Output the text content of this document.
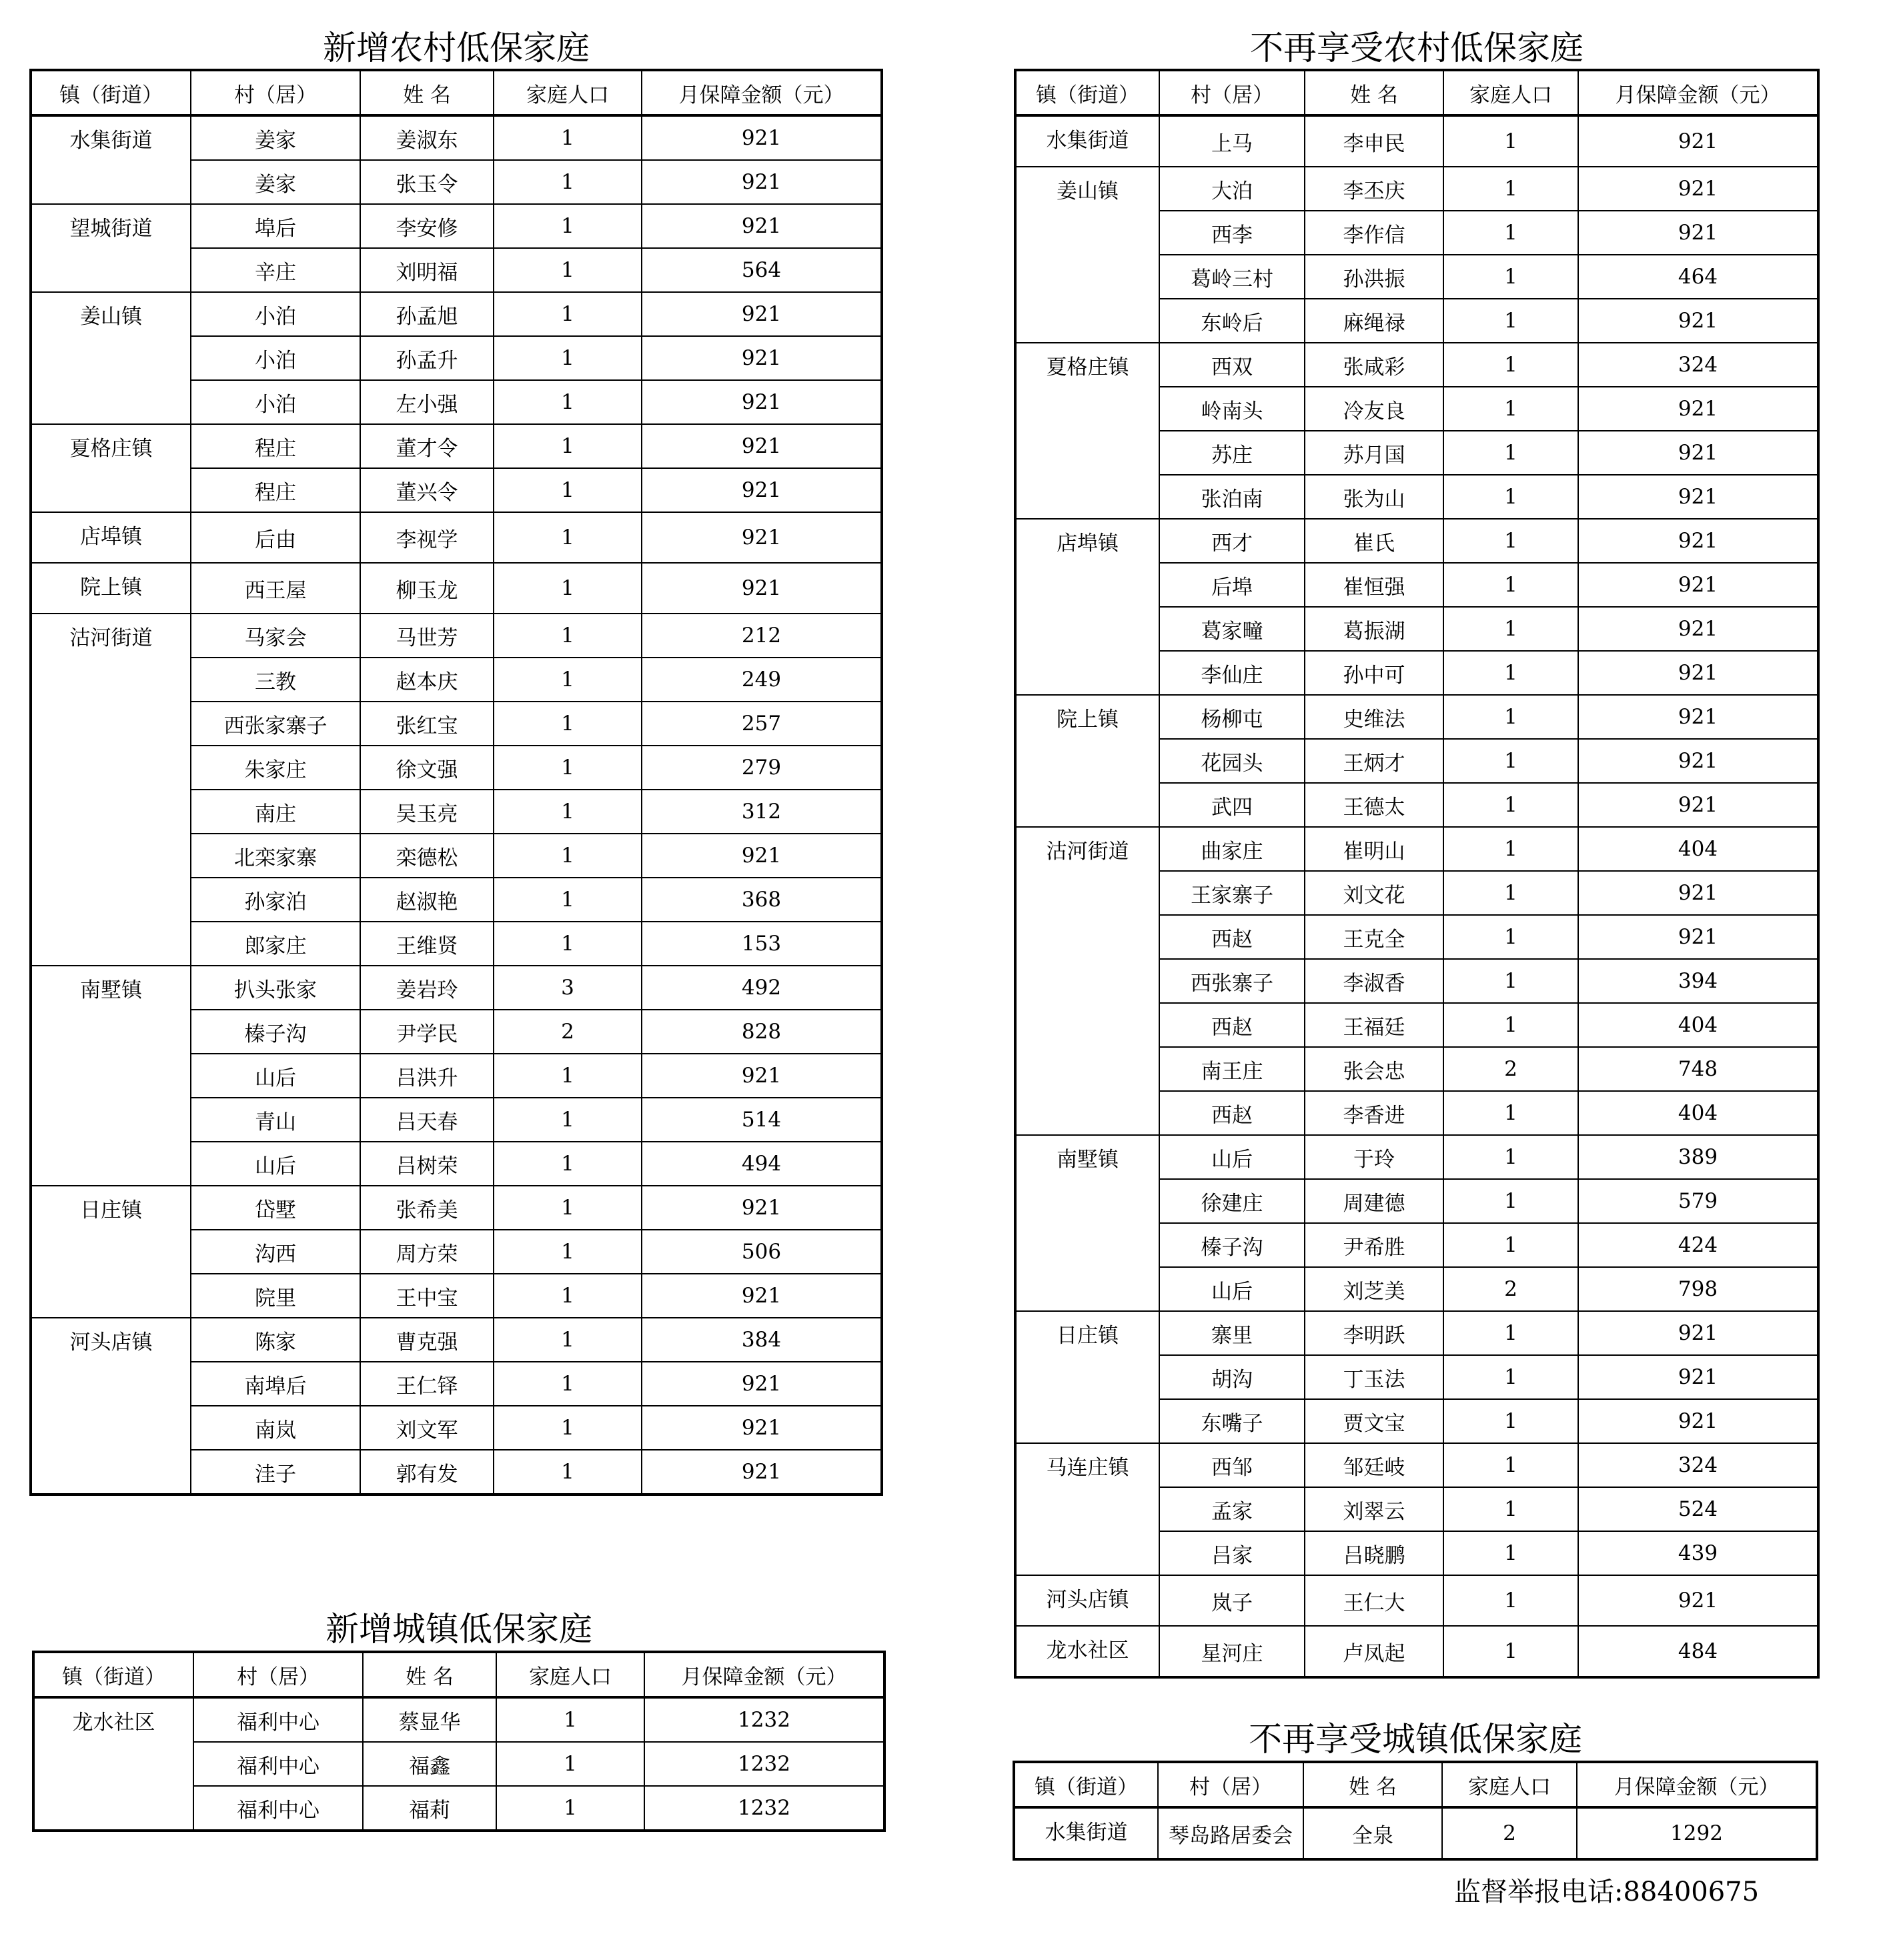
新增农村低保家庭
镇（街道）	村（居）	姓 名	家庭人口	月保障金额（元）
水集街道	姜家	姜淑东	1	921
	姜家	张玉令	1	921
望城街道	埠后	李安修	1	921
	辛庄	刘明福	1	564
姜山镇	小泊	孙孟旭	1	921
	小泊	孙孟升	1	921
	小泊	左小强	1	921
夏格庄镇	程庄	董才令	1	921
	程庄	董兴令	1	921
店埠镇	后由	李视学	1	921
院上镇	西王屋	柳玉龙	1	921
沽河街道	马家会	马世芳	1	212
	三教	赵本庆	1	249
	西张家寨子	张红宝	1	257
	朱家庄	徐文强	1	279
	南庄	吴玉亮	1	312
	北栾家寨	栾德松	1	921
	孙家泊	赵淑艳	1	368
	郎家庄	王维贤	1	153
南墅镇	扒头张家	姜岩玲	3	492
	榛子沟	尹学民	2	828
	山后	吕洪升	1	921
	青山	吕天春	1	514
	山后	吕树荣	1	494
日庄镇	岱墅	张希美	1	921
	沟西	周方荣	1	506
	院里	王中宝	1	921
河头店镇	陈家	曹克强	1	384
	南埠后	王仁铎	1	921
	南岚	刘文军	1	921
	洼子	郭有发	1	921
不再享受农村低保家庭
镇（街道）	村（居）	姓 名	家庭人口	月保障金额（元）
水集街道	上马	李申民	1	921
姜山镇	大泊	李丕庆	1	921
	西李	李作信	1	921
	葛岭三村	孙洪振	1	464
	东岭后	麻绳禄	1	921
夏格庄镇	西双	张咸彩	1	324
	岭南头	冷友良	1	921
	苏庄	苏月国	1	921
	张泊南	张为山	1	921
店埠镇	西才	崔氏	1	921
	后埠	崔恒强	1	921
	葛家疃	葛振湖	1	921
	李仙庄	孙中可	1	921
院上镇	杨柳屯	史维法	1	921
	花园头	王炳才	1	921
	武四	王德太	1	921
沽河街道	曲家庄	崔明山	1	404
	王家寨子	刘文花	1	921
	西赵	王克全	1	921
	西张寨子	李淑香	1	394
	西赵	王福廷	1	404
	南王庄	张会忠	2	748
	西赵	李香进	1	404
南墅镇	山后	于玲	1	389
	徐建庄	周建德	1	579
	榛子沟	尹希胜	1	424
	山后	刘芝美	2	798
日庄镇	寨里	李明跃	1	921
	胡沟	丁玉法	1	921
	东嘴子	贾文宝	1	921
马连庄镇	西邹	邹廷岐	1	324
	孟家	刘翠云	1	524
	吕家	吕晓鹏	1	439
河头店镇	岚子	王仁大	1	921
龙水社区	星河庄	卢凤起	1	484
新增城镇低保家庭
镇（街道）	村（居）	姓 名	家庭人口	月保障金额（元）
龙水社区	福利中心	蔡显华	1	1232
	福利中心	福鑫	1	1232
	福利中心	福莉	1	1232
不再享受城镇低保家庭
镇（街道）	村（居）	姓 名	家庭人口	月保障金额（元）
水集街道	琴岛路居委会	全泉	2	1292
监督举报电话:88400675
